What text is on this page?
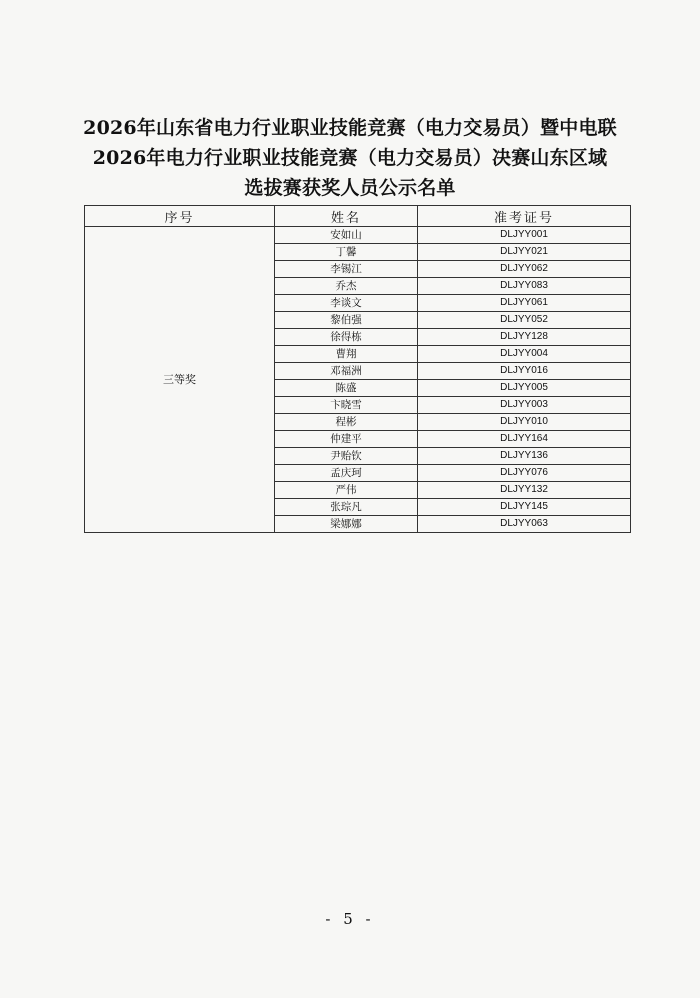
2026年山东省电力行业职业技能竞赛（电力交易员）暨中电联
2026年电力行业职业技能竞赛（电力交易员）决赛山东区域
选拔赛获奖人员公示名单
序号	姓名	准考证号
三等奖	安如山	DLJYY001
	丁馨	DLJYY021
	李锡江	DLJYY062
	乔杰	DLJYY083
	李谈文	DLJYY061
	黎伯强	DLJYY052
	徐得栋	DLJYY128
	曹翔	DLJYY004
	邓福洲	DLJYY016
	陈盛	DLJYY005
	卞晓雪	DLJYY003
	程彬	DLJYY010
	仲建平	DLJYY164
	尹贻钦	DLJYY136
	孟庆珂	DLJYY076
	严伟	DLJYY132
	张琮凡	DLJYY145
	梁娜娜	DLJYY063
- 5 -
